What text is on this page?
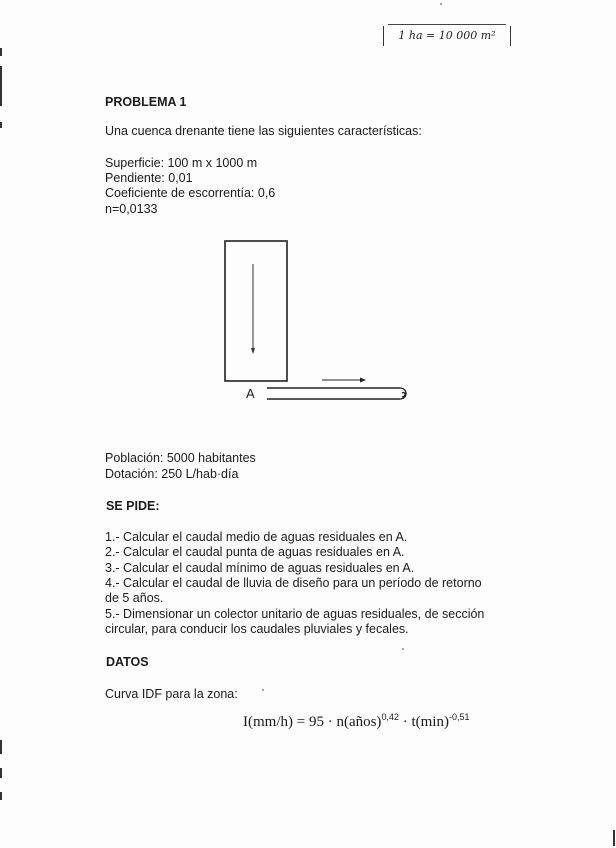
1 ha = 10 000 m²
PROBLEMA 1
Una cuenca drenante tiene las siguientes características:
Superficie: 100 m x 1000 m
Pendiente: 0,01
Coeficiente de escorrentía: 0,6
n=0,0133
A
Población: 5000 habitantes
Dotación: 250 L/hab·día
SE PIDE:
1.- Calcular el caudal medio de aguas residuales en A.
2.- Calcular el caudal punta de aguas residuales en A.
3.- Calcular el caudal mínimo de aguas residuales en A.
4.- Calcular el caudal de lluvia de diseño para un período de retorno
de 5 años.
5.- Dimensionar un colector unitario de aguas residuales, de sección
circular, para conducir los caudales pluviales y fecales.
DATOS
Curva IDF para la zona:
I(mm/h) = 95 · n(años)$^{0,42}$ · $t(\min)^{-0,51}$
